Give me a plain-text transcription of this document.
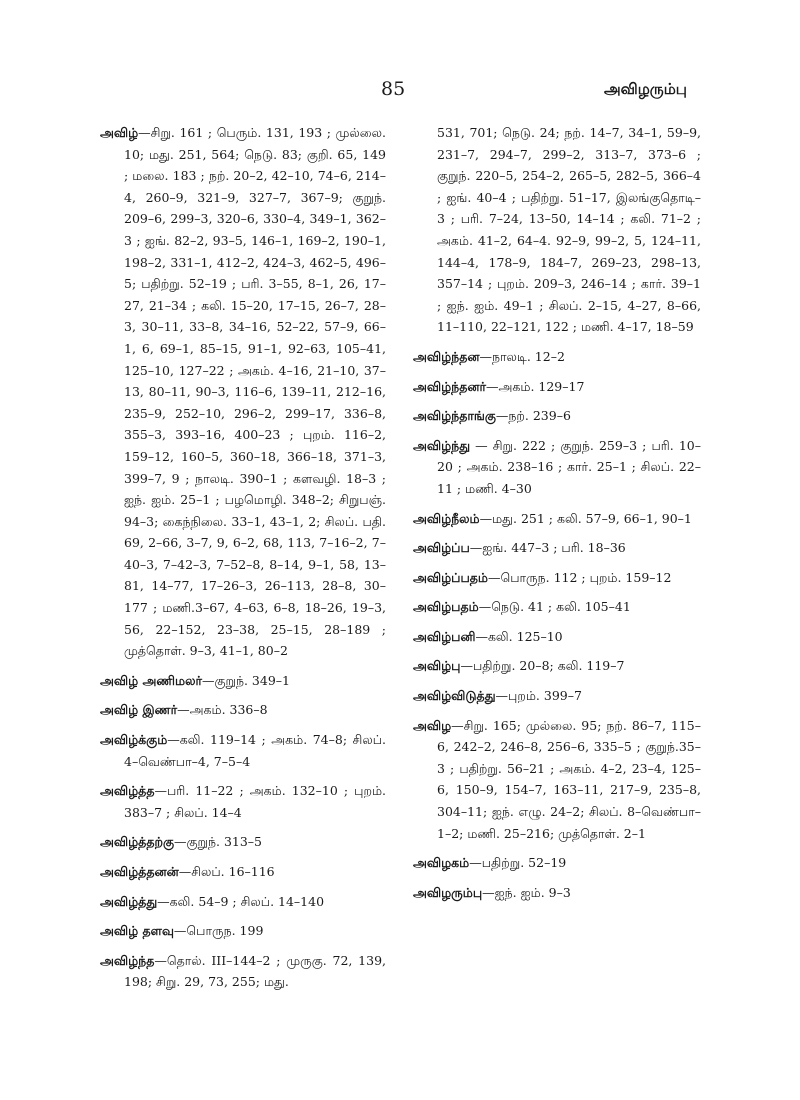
85	அவிழரும்பு

அவிழ்—சிறு. 161 ; பெரும். 131, 193 ; முல்லை. 10; மது. 251, 564; நெடு. 83; குறி. 65, 149 ; மலை. 183 ; நற். 20–2, 42–10, 74–6, 214–4, 260–9, 321–9, 327–7, 367–9; குறுந். 209–6, 299–3, 320–6, 330–4, 349–1, 362–3 ; ஐங். 82–2, 93–5, 146–1, 169–2, 190–1, 198–2, 331–1, 412–2, 424–3, 462–5, 496–5; பதிற்று. 52–19 ; பரி. 3–55, 8–1, 26, 17–27, 21–34 ; கலி. 15–20, 17–15, 26–7, 28–3, 30–11, 33–8, 34–16, 52–22, 57–9, 66–1, 6, 69–1, 85–15, 91–1, 92–63, 105–41, 125–10, 127–22 ; அகம். 4–16, 21–10, 37–13, 80–11, 90–3, 116–6, 139–11, 212–16, 235–9, 252–10, 296–2, 299–17, 336–8, 355–3, 393–16, 400–23 ; புறம். 116–2, 159–12, 160–5, 360–18, 366–18, 371–3, 399–7, 9 ; நாலடி. 390–1 ; களவழி. 18–3 ; ஐந். ஐம். 25–1 ; பழமொழி. 348–2; சிறுபஞ். 94–3; கைந்நிலை. 33–1, 43–1, 2; சிலப். பதி. 69, 2–66, 3–7, 9, 6–2, 68, 113, 7–16–2, 7–40–3, 7–42–3, 7–52–8, 8–14, 9–1, 58, 13–81, 14–77, 17–26–3, 26–113, 28–8, 30–177 ; மணி.3–67, 4–63, 6–8, 18–26, 19–3, 56, 22–152, 23–38, 25–15, 28–189 ; முத்தொள். 9–3, 41–1, 80–2

அவிழ் அணிமலர்—குறுந். 349–1

அவிழ் இணர்—அகம். 336–8

அவிழ்க்கும்—கலி. 119–14 ; அகம். 74–8; சிலப். 4–வெண்பா–4, 7–5–4

அவிழ்த்த—பரி. 11–22 ; அகம். 132–10 ; புறம். 383–7 ; சிலப். 14–4

அவிழ்த்தற்கு—குறுந். 313–5

அவிழ்த்தனன்—சிலப். 16–116

அவிழ்த்து—கலி. 54–9 ; சிலப். 14–140

அவிழ் தளவு—பொருந. 199

அவிழ்ந்த—தொல். III–144–2 ; முருகு. 72, 139, 198; சிறு. 29, 73, 255; மது.

531, 701; நெடு. 24; நற். 14–7, 34–1, 59–9, 231–7, 294–7, 299–2, 313–7, 373–6 ; குறுந். 220–5, 254–2, 265–5, 282–5, 366–4 ; ஐங். 40–4 ; பதிற்று. 51–17, இலங்குதொடி–3 ; பரி. 7–24, 13–50, 14–14 ; கலி. 71–2 ; அகம். 41–2, 64–4. 92–9, 99–2, 5, 124–11, 144–4, 178–9, 184–7, 269–23, 298–13, 357–14 ; புறம். 209–3, 246–14 ; கார். 39–1 ; ஐந். ஐம். 49–1 ; சிலப். 2–15, 4–27, 8–66, 11–110, 22–121, 122 ; மணி. 4–17, 18–59

அவிழ்ந்தன—நாலடி. 12–2

அவிழ்ந்தனர்—அகம். 129–17

அவிழ்ந்தாங்கு—நற். 239–6

அவிழ்ந்து — சிறு. 222 ; குறுந். 259–3 ; பரி. 10–20 ; அகம். 238–16 ; கார். 25–1 ; சிலப். 22–11 ; மணி. 4–30

அவிழ்நீலம்—மது. 251 ; கலி. 57–9, 66–1, 90–1

அவிழ்ப்ப—ஐங். 447–3 ; பரி. 18–36

அவிழ்ப்பதம்—பொருந. 112 ; புறம். 159–12

அவிழ்பதம்—நெடு. 41 ; கலி. 105–41

அவிழ்பனி—கலி. 125–10

அவிழ்பு—பதிற்று. 20–8; கலி. 119–7

அவிழ்விடுத்து—புறம். 399–7

அவிழ—சிறு. 165; முல்லை. 95; நற். 86–7, 115–6, 242–2, 246–8, 256–6, 335–5 ; குறுந்.35–3 ; பதிற்று. 56–21 ; அகம். 4–2, 23–4, 125–6, 150–9, 154–7, 163–11, 217–9, 235–8, 304–11; ஐந். எழு. 24–2; சிலப். 8–வெண்பா–1–2; மணி. 25–216; முத்தொள். 2–1

அவிழகம்—பதிற்று. 52–19

அவிழரும்பு—ஐந். ஐம். 9–3
